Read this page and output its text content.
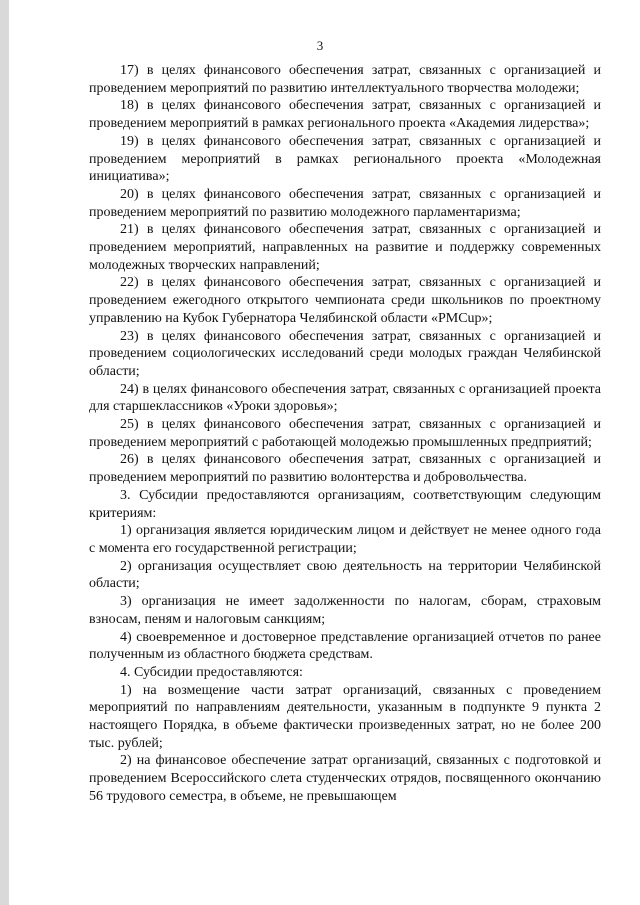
3

17) в целях финансового обеспечения затрат, связанных с организацией и проведением мероприятий по развитию интеллектуального творчества молодежи;

18) в целях финансового обеспечения затрат, связанных с организацией и проведением мероприятий в рамках регионального проекта «Академия лидерства»;

19) в целях финансового обеспечения затрат, связанных с организацией и проведением мероприятий в рамках регионального проекта «Молодежная инициатива»;

20) в целях финансового обеспечения затрат, связанных с организацией и проведением мероприятий по развитию молодежного парламентаризма;

21) в целях финансового обеспечения затрат, связанных с организацией и проведением мероприятий, направленных на развитие и поддержку современных молодежных творческих направлений;

22) в целях финансового обеспечения затрат, связанных с организацией и проведением ежегодного открытого чемпионата среди школьников по проектному управлению на Кубок Губернатора Челябинской области «PMCup»;

23) в целях финансового обеспечения затрат, связанных с организацией и проведением социологических исследований среди молодых граждан Челябинской области;

24) в целях финансового обеспечения затрат, связанных с организацией проекта для старшеклассников «Уроки здоровья»;

25) в целях финансового обеспечения затрат, связанных с организацией и проведением мероприятий с работающей молодежью промышленных предприятий;

26) в целях финансового обеспечения затрат, связанных с организацией и проведением мероприятий по развитию волонтерства и добровольчества.

3. Субсидии предоставляются организациям, соответствующим следующим критериям:

1) организация является юридическим лицом и действует не менее одного года с момента его государственной регистрации;

2) организация осуществляет свою деятельность на территории Челябинской области;

3) организация не имеет задолженности по налогам, сборам, страховым взносам, пеням и налоговым санкциям;

4) своевременное и достоверное представление организацией отчетов по ранее полученным из областного бюджета средствам.

4. Субсидии предоставляются:

1) на возмещение части затрат организаций, связанных с проведением мероприятий по направлениям деятельности, указанным в подпункте 9 пункта 2 настоящего Порядка, в объеме фактически произведенных затрат, но не более 200 тыс. рублей;

2) на финансовое обеспечение затрат организаций, связанных с подготовкой и проведением Всероссийского слета студенческих отрядов, посвященного окончанию 56 трудового семестра, в объеме, не превышающем
